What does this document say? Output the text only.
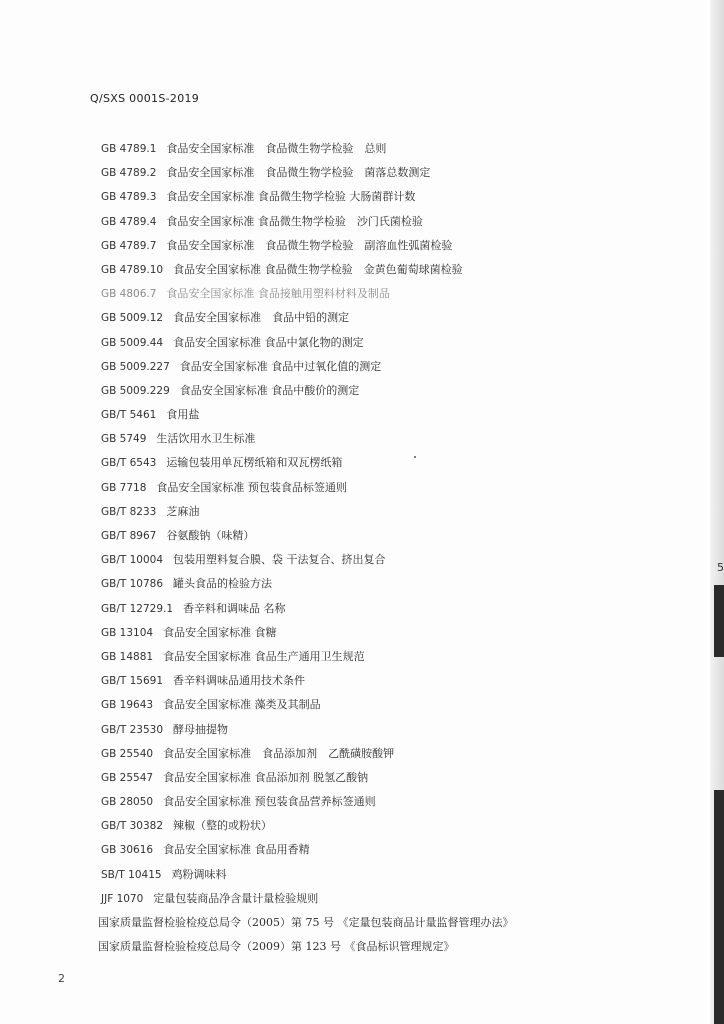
5
Q/SXS 0001S-2019
GB 4789.1 食品安全国家标准　食品微生物学检验　总则
GB 4789.2 食品安全国家标准　食品微生物学检验　菌落总数测定
GB 4789.3 食品安全国家标准 食品微生物学检验 大肠菌群计数
GB 4789.4 食品安全国家标准 食品微生物学检验　沙门氏菌检验
GB 4789.7 食品安全国家标准　食品微生物学检验　副溶血性弧菌检验
GB 4789.10 食品安全国家标准 食品微生物学检验　金黄色葡萄球菌检验
GB 4806.7 食品安全国家标准 食品接触用塑料材料及制品
GB 5009.12 食品安全国家标准　食品中铅的测定
GB 5009.44 食品安全国家标准 食品中氯化物的测定
GB 5009.227 食品安全国家标准 食品中过氧化值的测定
GB 5009.229 食品安全国家标准 食品中酸价的测定
GB/T 5461 食用盐
GB 5749 生活饮用水卫生标准
GB/T 6543 运输包装用单瓦楞纸箱和双瓦楞纸箱
GB 7718 食品安全国家标准 预包装食品标签通则
GB/T 8233 芝麻油
GB/T 8967 谷氨酸钠（味精）
GB/T 10004 包装用塑料复合膜、袋 干法复合、挤出复合
GB/T 10786 罐头食品的检验方法
GB/T 12729.1 香辛料和调味品 名称
GB 13104 食品安全国家标准 食糖
GB 14881 食品安全国家标准 食品生产通用卫生规范
GB/T 15691 香辛料调味品通用技术条件
GB 19643 食品安全国家标准 藻类及其制品
GB/T 23530 酵母抽提物
GB 25540 食品安全国家标准　食品添加剂　乙酰磺胺酸钾
GB 25547 食品安全国家标准 食品添加剂 脱氢乙酸钠
GB 28050 食品安全国家标准 预包装食品营养标签通则
GB/T 30382 辣椒（整的或粉状）
GB 30616 食品安全国家标准 食品用香精
SB/T 10415 鸡粉调味料
JJF 1070 定量包装商品净含量计量检验规则
国家质量监督检验检疫总局令（2005）第 75 号 《定量包装商品计量监督管理办法》
国家质量监督检验检疫总局令（2009）第 123 号 《食品标识管理规定》
2
